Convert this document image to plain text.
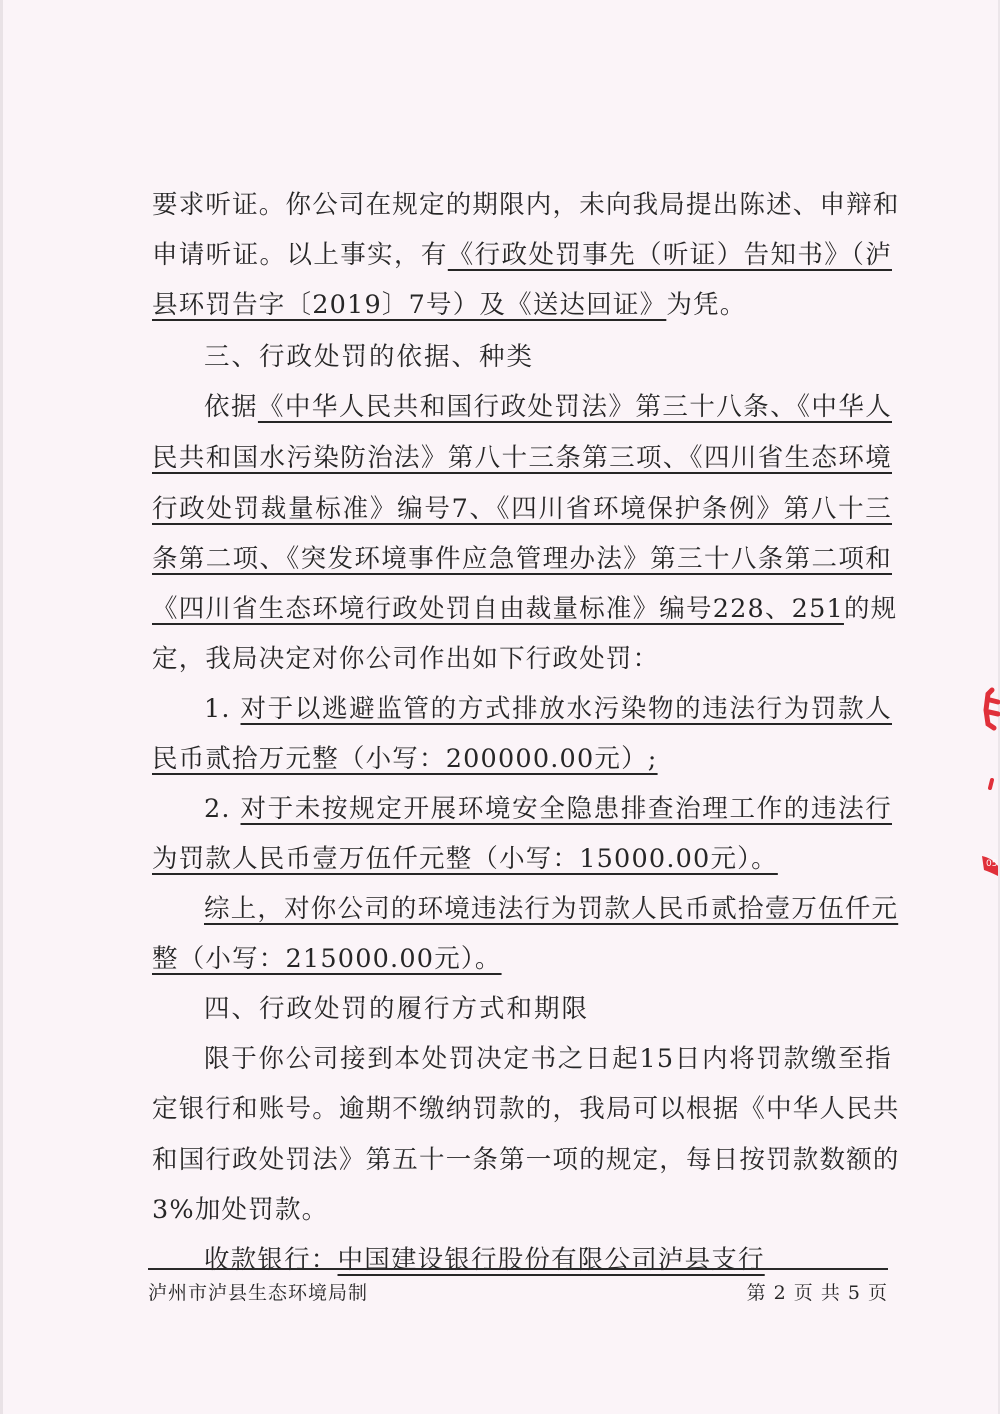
要求听证。你公司在规定的期限内，未向我局提出陈述、申辩和
申请听证。以上事实，有《行政处罚事先（听证）告知书》（泸
县环罚告字〔2019〕7号）及《送达回证》为凭。
三、行政处罚的依据、种类
依据《中华人民共和国行政处罚法》第三十八条、《中华人
民共和国水污染防治法》第八十三条第三项、《四川省生态环境
行政处罚裁量标准》编号7、《四川省环境保护条例》第八十三
条第二项、《突发环境事件应急管理办法》第三十八条第二项和
《四川省生态环境行政处罚自由裁量标准》编号228、251的规
定，我局决定对你公司作出如下行政处罚：
1. 对于以逃避监管的方式排放水污染物的违法行为罚款人
民币贰拾万元整（小写：200000.00元）;
2. 对于未按规定开展环境安全隐患排查治理工作的违法行
为罚款人民币壹万伍仟元整（小写：15000.00元）。
综上，对你公司的环境违法行为罚款人民币贰拾壹万伍仟元
整（小写：215000.00元）。
四、行政处罚的履行方式和期限
限于你公司接到本处罚决定书之日起15日内将罚款缴至指
定银行和账号。逾期不缴纳罚款的，我局可以根据《中华人民共
和国行政处罚法》第五十一条第一项的规定，每日按罚款数额的
3%加处罚款。
收款银行：中国建设银行股份有限公司泸县支行
泸州市泸县生态环境局制	第 2 页 共 5 页
05
